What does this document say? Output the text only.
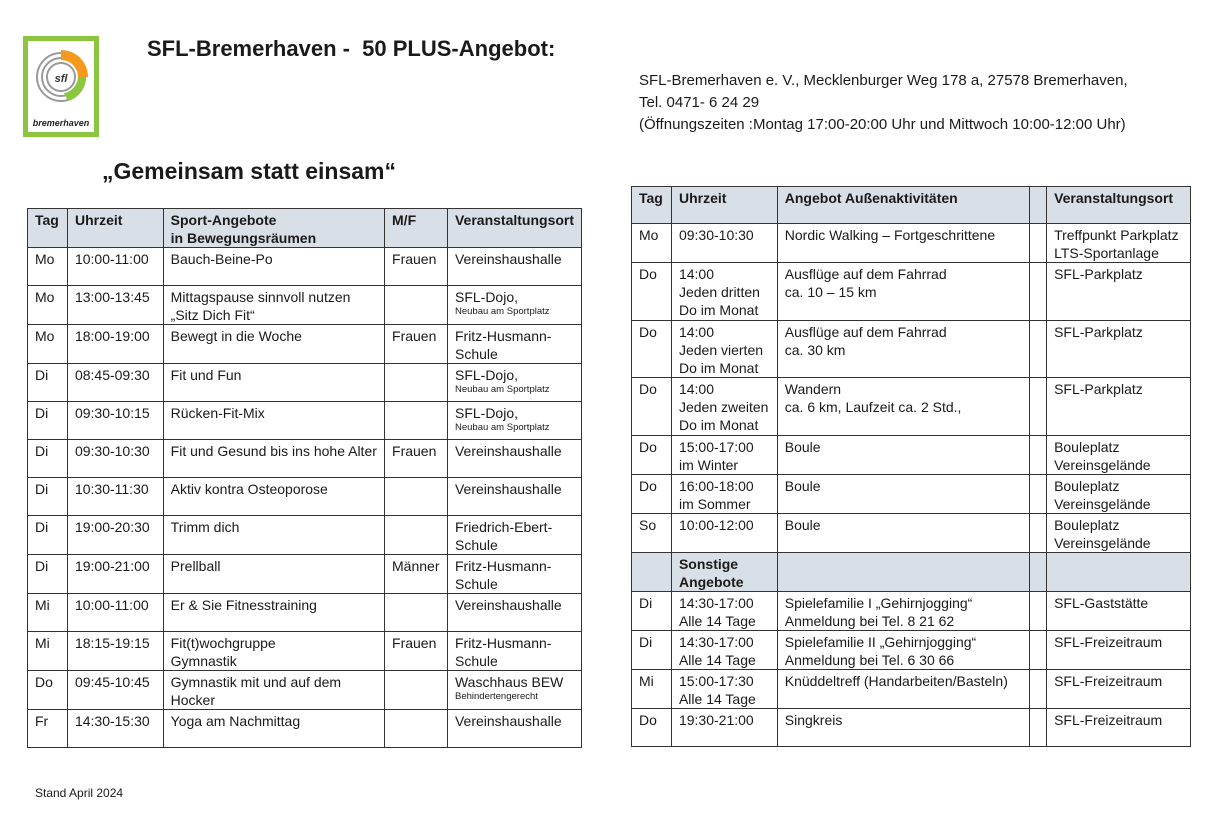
sfl
bremerhaven
SFL-Bremerhaven -  50 PLUS-Angebot:
„Gemeinsam statt einsam“
SFL-Bremerhaven e. V., Mecklenburger Weg 178 a, 27578 Bremerhaven,
Tel. 0471- 6 24 29
(Öffnungszeiten :Montag 17:00-20:00 Uhr und Mittwoch 10:00-12:00 Uhr)
Tag	Uhrzeit	Sport-Angebote
in Bewegungsräumen	M/F	Veranstaltungsort
Mo	10:00-11:00	Bauch-Beine-Po	Frauen	Vereinshaushalle
Mo	13:00-13:45	Mittagspause sinnvoll nutzen
„Sitz Dich Fit“		SFL-Dojo,
Neubau am Sportplatz

Mo	18:00-19:00	Bewegt in die Woche	Frauen	Fritz-Husmann-
Schule
Di	08:45-09:30	Fit und Fun		SFL-Dojo,
Neubau am Sportplatz

Di	09:30-10:15	Rücken-Fit-Mix		SFL-Dojo,
Neubau am Sportplatz

Di	09:30-10:30	Fit und Gesund bis ins hohe Alter	Frauen	Vereinshaushalle
Di	10:30-11:30	Aktiv kontra Osteoporose		Vereinshaushalle
Di	19:00-20:30	Trimm dich		Friedrich-Ebert-
Schule
Di	19:00-21:00	Prellball	Männer	Fritz-Husmann-
Schule
Mi	10:00-11:00	Er & Sie Fitnesstraining		Vereinshaushalle
Mi	18:15-19:15	Fit(t)wochgruppe
Gymnastik	Frauen	Fritz-Husmann-
Schule
Do	09:45-10:45	Gymnastik mit und auf dem
Hocker		Waschhaus BEW
Behindertengerecht

Fr	14:30-15:30	Yoga am Nachmittag		Vereinshaushalle
Tag	Uhrzeit	Angebot Außenaktivitäten		Veranstaltungsort
Mo	09:30-10:30	Nordic Walking – Fortgeschrittene		Treffpunkt Parkplatz
LTS-Sportanlage
Do	14:00
Jeden dritten
Do im Monat	Ausflüge auf dem Fahrrad
ca. 10 – 15 km		SFL-Parkplatz
Do	14:00
Jeden vierten
Do im Monat	Ausflüge auf dem Fahrrad
ca. 30 km		SFL-Parkplatz
Do	14:00
Jeden zweiten
Do im Monat	Wandern
ca. 6 km, Laufzeit ca. 2 Std.,		SFL-Parkplatz
Do	15:00-17:00
im Winter	Boule		Bouleplatz
Vereinsgelände
Do	16:00-18:00
im Sommer	Boule		Bouleplatz
Vereinsgelände
So	10:00-12:00	Boule		Bouleplatz
Vereinsgelände
	Sonstige Angebote			
Di	14:30-17:00
Alle 14 Tage	Spielefamilie I „Gehirnjogging“
Anmeldung bei Tel. 8 21 62		SFL-Gaststätte
Di	14:30-17:00
Alle 14 Tage	Spielefamilie II „Gehirnjogging“
Anmeldung bei Tel. 6 30 66		SFL-Freizeitraum
Mi	15:00-17:30
Alle 14 Tage	Knüddeltreff (Handarbeiten/Basteln)		SFL-Freizeitraum
Do	19:30-21:00	Singkreis		SFL-Freizeitraum
Stand April 2024
